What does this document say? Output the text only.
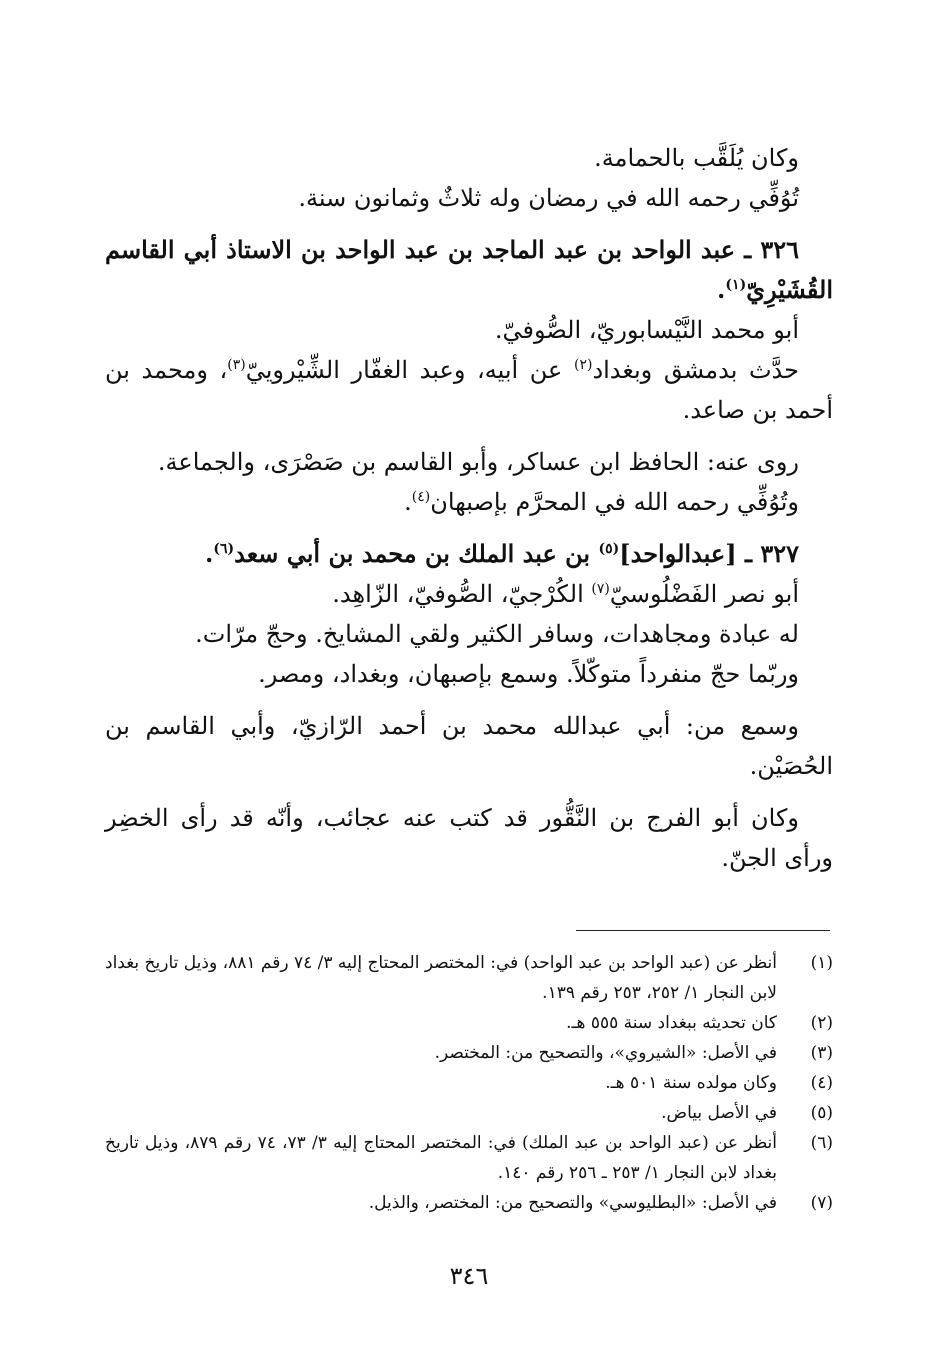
وكان يُلَقَّب بالحمامة.

تُوُفِّي رحمه الله في رمضان وله ثلاثٌ وثمانون سنة.

٣٢٦ ـ عبد الواحد بن عبد الماجد بن عبد الواحد بن الاستاذ أبي القاسم القُشَيْرِيّ$^{(١)}$.

أبو محمد النَّيْسابوريّ، الصُّوفيّ.

حدَّث بدمشق وبغداد$^{(٢)}$ عن أبيه، وعبد الغفّار الشِّيْروييّ$^{(٣)}$، ومحمد بن أحمد بن صاعد.

روى عنه: الحافظ ابن عساكر، وأبو القاسم بن صَصْرَى، والجماعة.

وتُوُفِّي رحمه الله في المحرَّم بإصبهان$^{(٤)}$.

٣٢٧ ـ [عبدالواحد]$^{(٥)}$ بن عبد الملك بن محمد بن أبي سعد$^{(٦)}$.

أبو نصر الفَضْلُوسيّ$^{(٧)}$ الكُرْجيّ، الصُّوفيّ، الزّاهِد.

له عبادة ومجاهدات، وسافر الكثير ولقي المشايخ. وحجّ مرّات.

وربّما حجّ منفرداً متوكّلاً. وسمع بإصبهان، وبغداد، ومصر.

وسمع من: أبي عبدالله محمد بن أحمد الرّازيّ، وأبي القاسم بن الحُصَيْن.

وكان أبو الفرج بن النَّقُّور قد كتب عنه عجائب، وأنّه قد رأى الخضِر ورأى الجنّ.

(١)
أنظر عن (عبد الواحد بن عبد الواحد) في: المختصر المحتاج إليه ٣/ ٧٤ رقم ٨٨١، وذيل تاريخ بغداد لابن النجار ١/ ٢٥٢، ٢٥٣ رقم ١٣٩.
(٢)
كان تحديثه ببغداد سنة ٥٥٥ هـ.
(٣)
في الأصل: «الشيروي»، والتصحيح من: المختصر.
(٤)
وكان مولده سنة ٥٠١ هـ.
(٥)
في الأصل بياض.
(٦)
أنظر عن (عبد الواحد بن عبد الملك) في: المختصر المحتاج إليه ٣/ ٧٣، ٧٤ رقم ٨٧٩، وذيل تاريخ بغداد لابن النجار ١/ ٢٥٣ ـ ٢٥٦ رقم ١٤٠.
(٧)
في الأصل: «البطليوسي» والتصحيح من: المختصر، والذيل.
٣٤٦
